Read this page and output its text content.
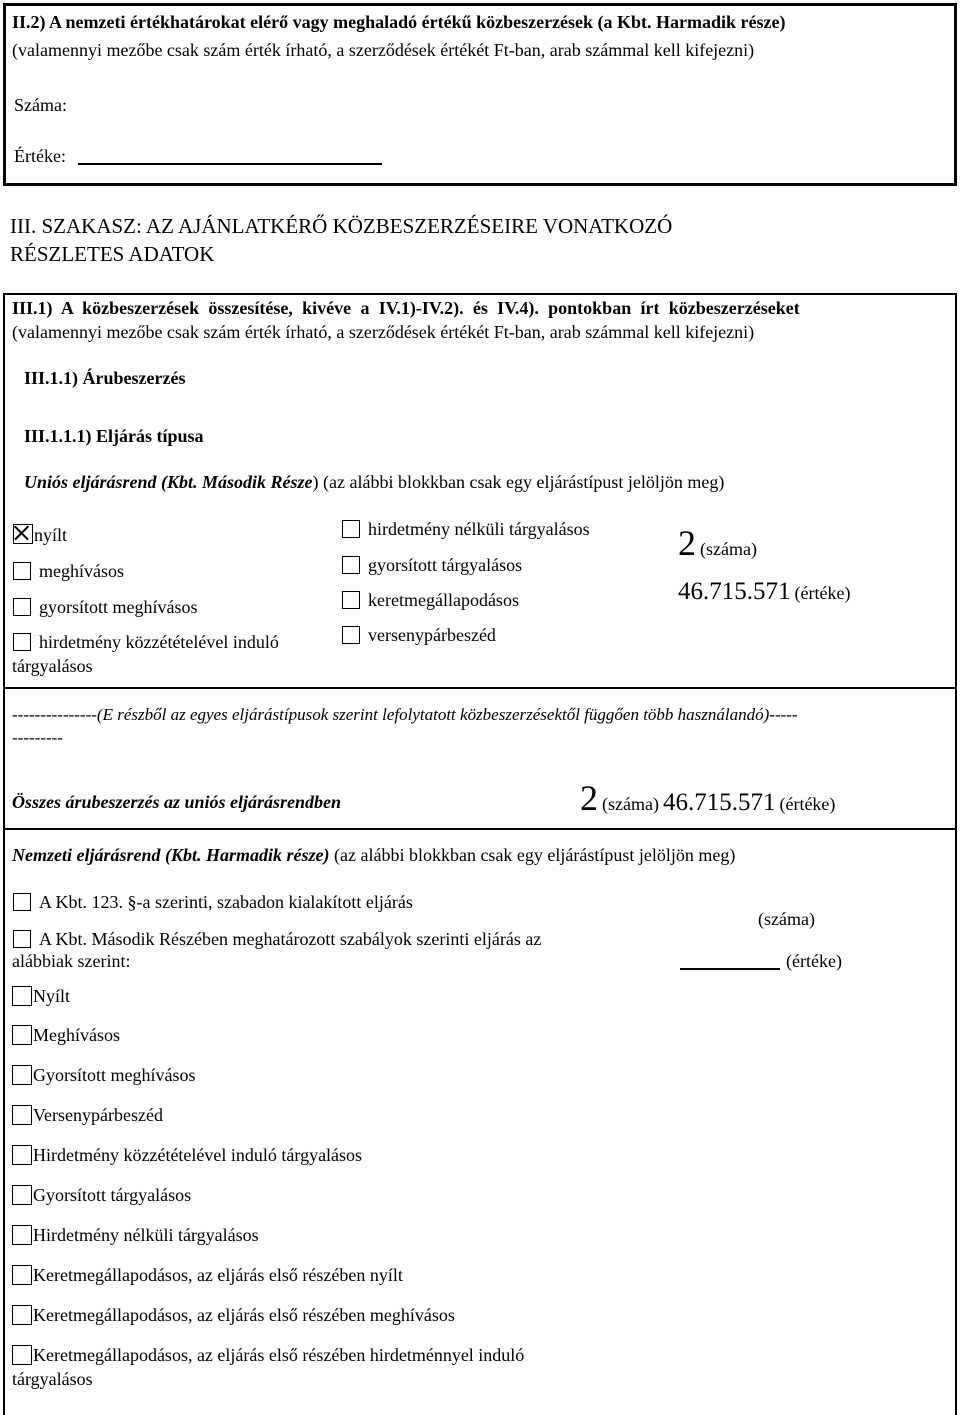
II.2) A nemzeti értékhatárokat elérő vagy meghaladó értékű közbeszerzések (a Kbt. Harmadik része)
(valamennyi mezőbe csak szám érték írható, a szerződések értékét Ft-ban, arab számmal kell kifejezni)
Száma:
Értéke:
III. SZAKASZ: AZ AJÁNLATKÉRŐ KÖZBESZERZÉSEIRE VONATKOZÓ
RÉSZLETES ADATOK
III.1) A közbeszerzések összesítése, kivéve a IV.1)-IV.2). és IV.4). pontokban írt közbeszerzéseket
(valamennyi mezőbe csak szám érték írható, a szerződések értékét Ft-ban, arab számmal kell kifejezni)
III.1.1) Árubeszerzés
III.1.1.1) Eljárás típusa
Uniós eljárásrend (Kbt. Második Része) (az alábbi blokkban csak egy eljárástípust jelöljön meg)
nyílt
meghívásos
gyorsított meghívásos
hirdetmény közzétételével induló
tárgyalásos
hirdetmény nélküli tárgyalásos
gyorsított tárgyalásos
keretmegállapodásos
versenypárbeszéd
2 (száma)
46.715.571 (értéke)
---------------(E részből az egyes eljárástípusok szerint lefolytatott közbeszerzésektől függően több használandó)-----
---------
Összes árubeszerzés az uniós eljárásrendben	2 (száma) 46.715.571 (értéke)
Nemzeti eljárásrend (Kbt. Harmadik része) (az alábbi blokkban csak egy eljárástípust jelöljön meg)
A Kbt. 123. §-a szerinti, szabadon kialakított eljárás
A Kbt. Második Részében meghatározott szabályok szerinti eljárás az
alábbiak szerint:
(száma)
(értéke)
Nyílt
Meghívásos
Gyorsított meghívásos
Versenypárbeszéd
Hirdetmény közzétételével induló tárgyalásos
Gyorsított tárgyalásos
Hirdetmény nélküli tárgyalásos
Keretmegállapodásos, az eljárás első részében nyílt
Keretmegállapodásos, az eljárás első részében meghívásos
Keretmegállapodásos, az eljárás első részében hirdetménnyel induló
tárgyalásos
